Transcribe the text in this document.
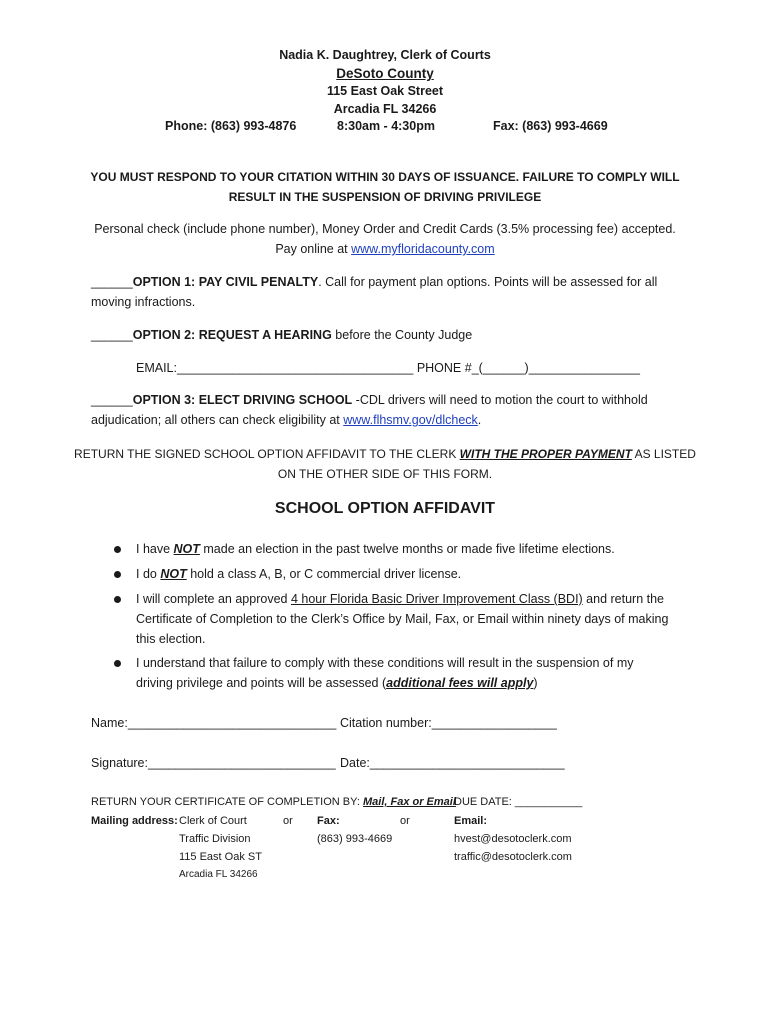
Nadia K. Daughtrey, Clerk of Courts
DeSoto County
115 East Oak Street
Arcadia FL 34266
Phone: (863) 993-4876	8:30am - 4:30pm	Fax: (863) 993-4669
YOU MUST RESPOND TO YOUR CITATION WITHIN 30 DAYS OF ISSUANCE. FAILURE TO COMPLY WILL
RESULT IN THE SUSPENSION OF DRIVING PRIVILEGE
Personal check (include phone number), Money Order and Credit Cards (3.5% processing fee) accepted.
Pay online at www.myfloridacounty.com
______OPTION 1: PAY CIVIL PENALTY. Call for payment plan options. Points will be assessed for all
moving infractions.
______OPTION 2: REQUEST A HEARING before the County Judge
EMAIL:__________________________________ PHONE #_(______)________________
______OPTION 3: ELECT DRIVING SCHOOL -CDL drivers will need to motion the court to withhold
adjudication; all others can check eligibility at www.flhsmv.gov/dlcheck.
RETURN THE SIGNED SCHOOL OPTION AFFIDAVIT TO THE CLERK WITH THE PROPER PAYMENT AS LISTED
ON THE OTHER SIDE OF THIS FORM.
SCHOOL OPTION AFFIDAVIT
I have NOT made an election in the past twelve months or made five lifetime elections.
I do NOT hold a class A, B, or C commercial driver license.
I will complete an approved 4 hour Florida Basic Driver Improvement Class (BDI) and return the
Certificate of Completion to the Clerk’s Office by Mail, Fax, or Email within ninety days of making
this election.
I understand that failure to comply with these conditions will result in the suspension of my
driving privilege and points will be assessed (additional fees will apply)
Name:______________________________ Citation number:__________________
Signature:___________________________ Date:____________________________
RETURN YOUR CERTIFICATE OF COMPLETION BY: Mail, Fax or Email
DUE DATE: ___________
Mailing address: Clerk of Court
Traffic Division
115 East Oak ST
Arcadia FL 34266
or Fax:
(863) 993-4669
or	Email:
hvest@desotoclerk.com
traffic@desotoclerk.com
